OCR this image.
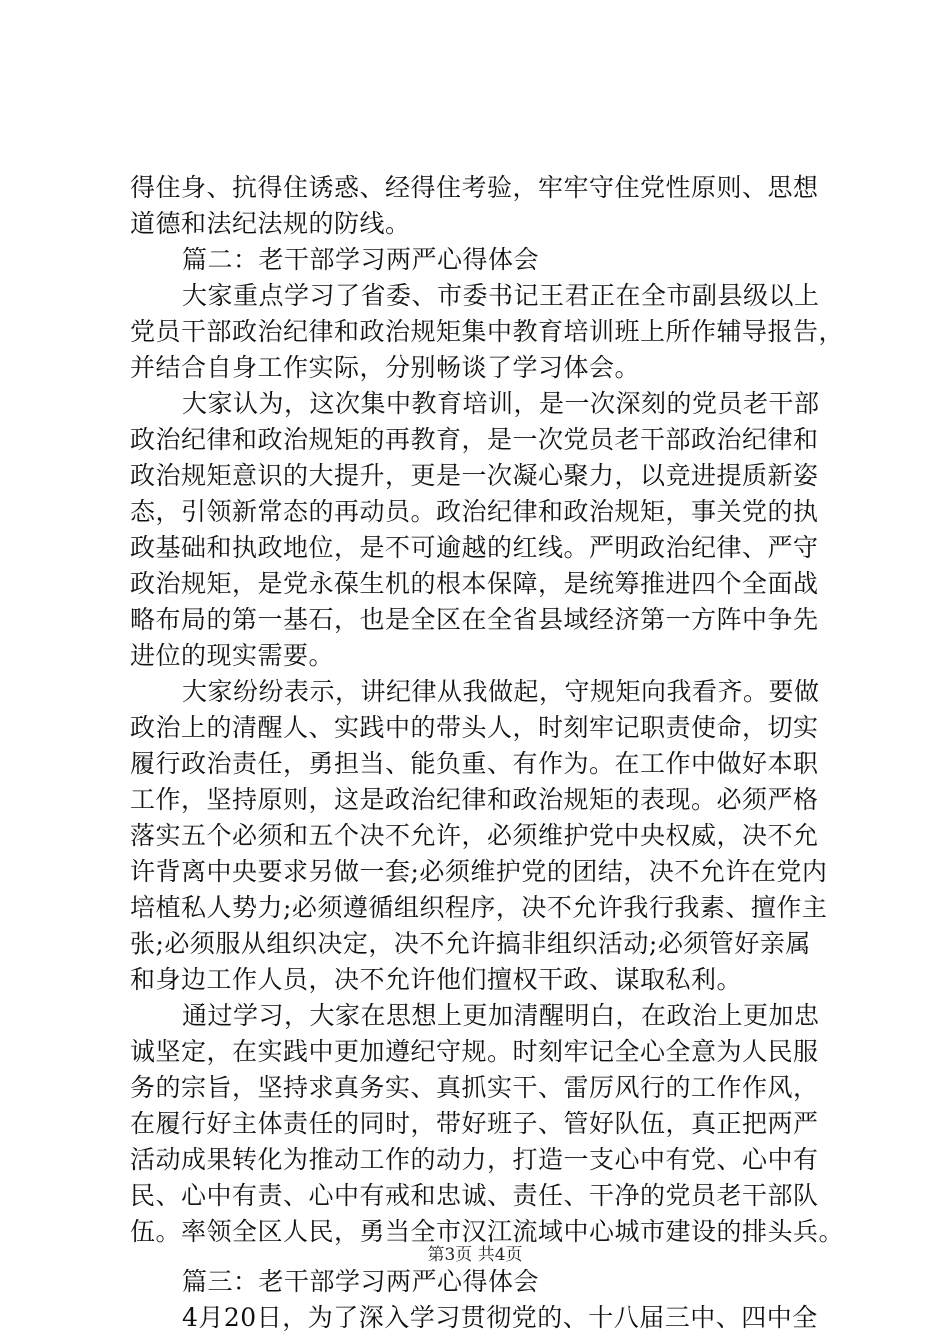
得住身、抗得住诱惑、经得住考验，牢牢守住党性原则、思想
道德和法纪法规的防线。
篇二：老干部学习两严心得体会
大家重点学习了省委、市委书记王君正在全市副县级以上
党员干部政治纪律和政治规矩集中教育培训班上所作辅导报告，
并结合自身工作实际，分别畅谈了学习体会。
大家认为，这次集中教育培训，是一次深刻的党员老干部
政治纪律和政治规矩的再教育，是一次党员老干部政治纪律和
政治规矩意识的大提升，更是一次凝心聚力，以竞进提质新姿
态，引领新常态的再动员。政治纪律和政治规矩，事关党的执
政基础和执政地位，是不可逾越的红线。严明政治纪律、严守
政治规矩，是党永葆生机的根本保障，是统筹推进四个全面战
略布局的第一基石，也是全区在全省县域经济第一方阵中争先
进位的现实需要。
大家纷纷表示，讲纪律从我做起，守规矩向我看齐。要做
政治上的清醒人、实践中的带头人，时刻牢记职责使命，切实
履行政治责任，勇担当、能负重、有作为。在工作中做好本职
工作，坚持原则，这是政治纪律和政治规矩的表现。必须严格
落实五个必须和五个决不允许，必须维护党中央权威，决不允
许背离中央要求另做一套;必须维护党的团结，决不允许在党内
培植私人势力;必须遵循组织程序，决不允许我行我素、擅作主
张;必须服从组织决定，决不允许搞非组织活动;必须管好亲属
和身边工作人员，决不允许他们擅权干政、谋取私利。
通过学习，大家在思想上更加清醒明白，在政治上更加忠
诚坚定，在实践中更加遵纪守规。时刻牢记全心全意为人民服
务的宗旨，坚持求真务实、真抓实干、雷厉风行的工作作风，
在履行好主体责任的同时，带好班子、管好队伍，真正把两严
活动成果转化为推动工作的动力，打造一支心中有党、心中有
民、心中有责、心中有戒和忠诚、责任、干净的党员老干部队
伍。率领全区人民，勇当全市汉江流域中心城市建设的排头兵。
篇三：老干部学习两严心得体会
4月20日，为了深入学习贯彻党的、十八届三中、四中全
第3页 共4页
